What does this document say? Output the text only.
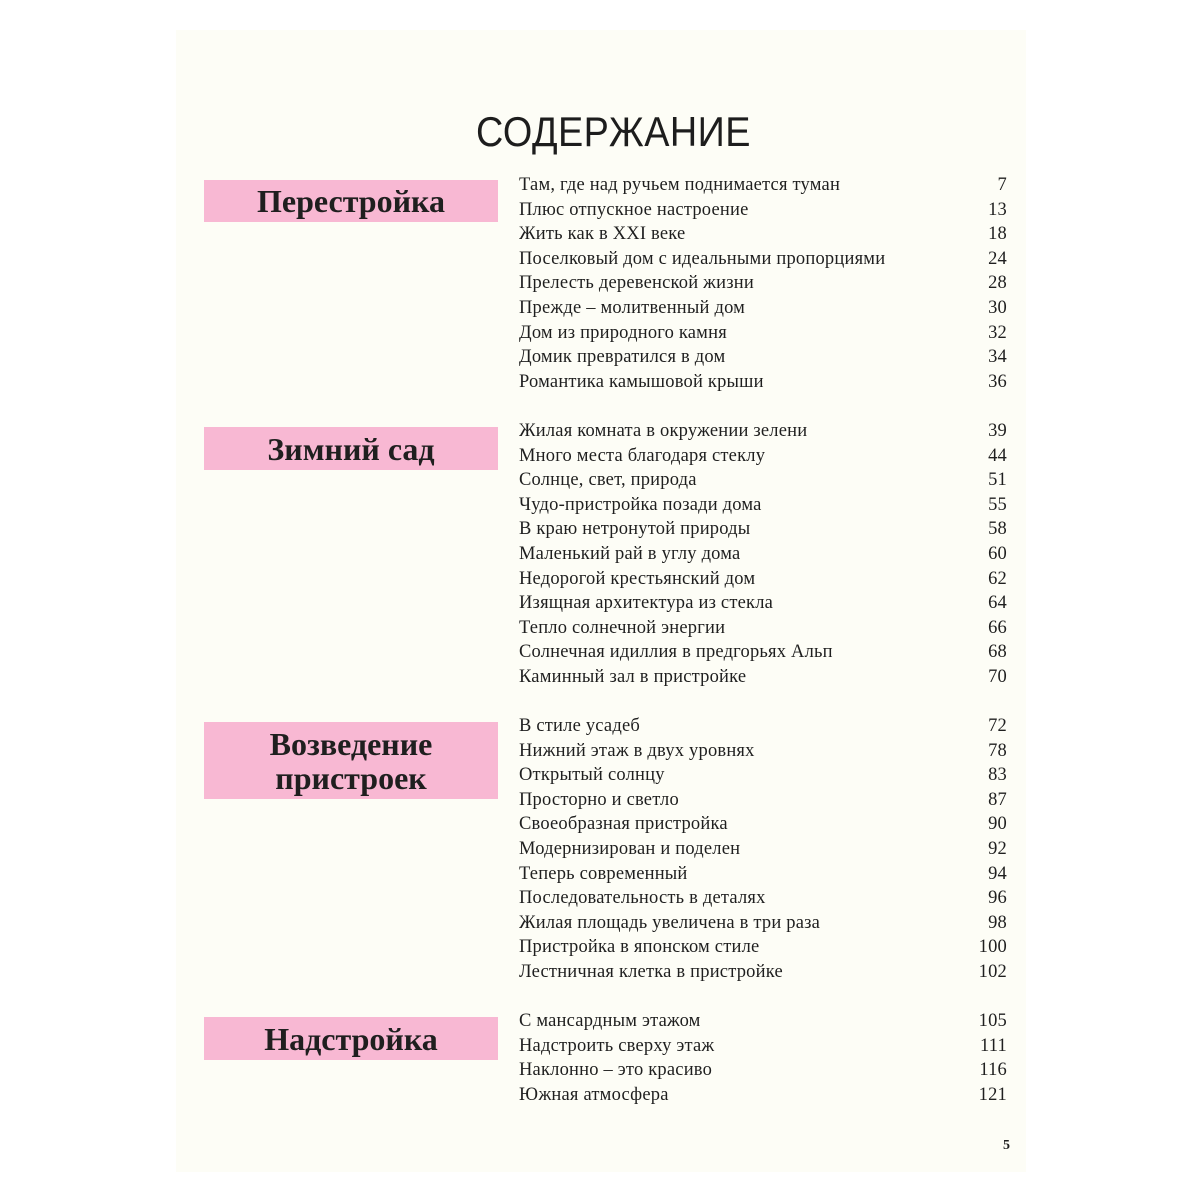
СОДЕРЖАНИЕ
Перестройка	Там, где над ручьем поднимается туман	7
Плюс отпускное настроение	13
Жить как в XXI веке	18
Поселковый дом с идеальными пропорциями	24
Прелесть деревенской жизни	28
Прежде – молитвенный дом	30
Дом из природного камня	32
Домик превратился в дом	34
Романтика камышовой крыши	36
Зимний сад	Жилая комната в окружении зелени	39
Много места благодаря стеклу	44
Солнце, свет, природа	51
Чудо-пристройка позади дома	55
В краю нетронутой природы	58
Маленький рай в углу дома	60
Недорогой крестьянский дом	62
Изящная архитектура из стекла	64
Тепло солнечной энергии	66
Солнечная идиллия в предгорьях Альп	68
Каминный зал в пристройке	70
Возведение
пристроек
В стиле усадеб	72
Нижний этаж в двух уровнях	78
Открытый солнцу	83
Просторно и светло	87
Своеобразная пристройка	90
Модернизирован и поделен	92
Теперь современный	94
Последовательность в деталях	96
Жилая площадь увеличена в три раза	98
Пристройка в японском стиле	100
Лестничная клетка в пристройке	102
Надстройка	С мансардным этажом	105
Надстроить сверху этаж	111
Наклонно – это красиво	116
Южная атмосфера	121
5
